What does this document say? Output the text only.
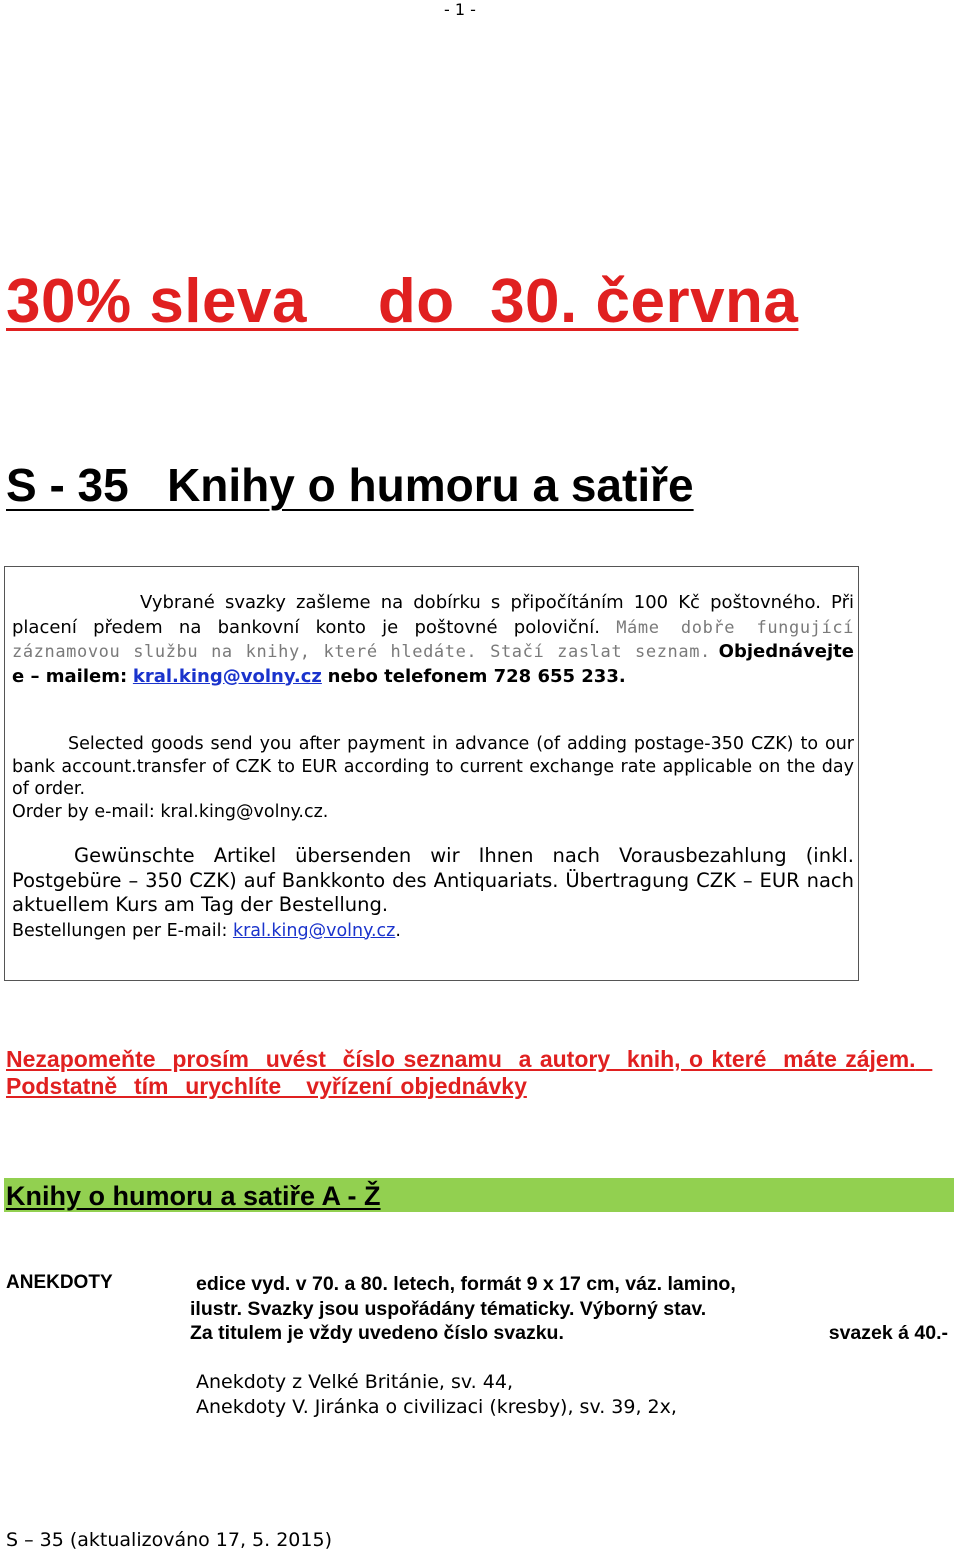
- 1 -
30% sleva    do  30. června
S - 35   Knihy o humoru a satiře
Vybrané svazky zašleme na dobírku s připočítáním 100 Kč poštovného. Při placení předem na bankovní konto je poštovné poloviční. Máme dobře fungující záznamovou službu na knihy, které hledáte. Stačí zaslat seznam. Objednávejte e – mailem: kral.king@volny.cz nebo telefonem 728 655 233.
Selected goods send you after payment in advance (of adding postage-350 CZK) to our bank account.transfer of CZK to EUR according to current exchange rate applicable on the day of order.
Order by e-mail: kral.king@volny.cz.
Gewünschte Artikel übersenden wir Ihnen nach Vorausbezahlung (inkl. Postgebüre – 350 CZK) auf Bankkonto des Antiquariats. Übertragung CZK – EUR nach aktuellem Kurs am Tag der Bestellung.
Bestellungen per E-mail: kral.king@volny.cz.
Nezapomeňte  prosím  uvést  číslo seznamu  a autory  knih, o které  máte zájem.  Podstatně  tím  urychlíte   vyřízení objednávky
Knihy o humoru a satiře A - Ž
ANEKDOTY	edice vyd. v 70. a 80. letech, formát 9 x 17 cm, váz. lamino,
ilustr. Svazky jsou uspořádány tématicky. Výborný stav.
Za titulem je vždy uvedeno číslo svazku.	svazek á 40.-
Anekdoty z Velké Británie, sv. 44,
Anekdoty V. Jiránka o civilizaci (kresby), sv. 39, 2x,
S – 35 (aktualizováno 17, 5. 2015)
